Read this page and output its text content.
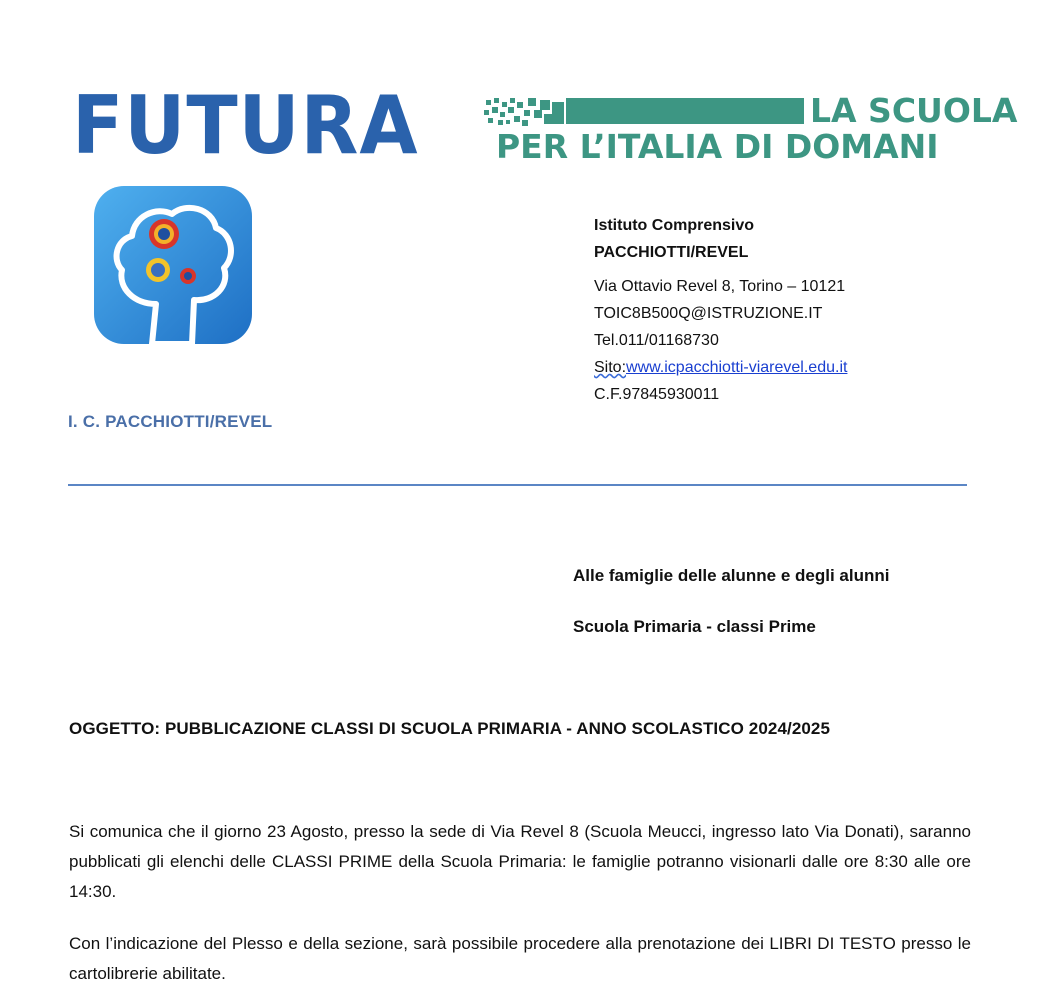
FUTURA	LA SCUOLA
PER L’ITALIA DI DOMANI
I. C. PACCHIOTTI/REVEL
Istituto Comprensivo
PACCHIOTTI/REVEL
Via Ottavio Revel 8, Torino – 10121
TOIC8B500Q@ISTRUZIONE.IT
Tel.011/01168730
Sito:www.icpacchiotti-viarevel.edu.it
C.F.97845930011
Alle famiglie delle alunne e degli alunni
Scuola Primaria - classi Prime
OGGETTO: PUBBLICAZIONE CLASSI DI SCUOLA PRIMARIA - ANNO SCOLASTICO 2024/2025
Si comunica che il giorno 23 Agosto, presso la sede di Via Revel 8 (Scuola Meucci, ingresso lato Via Donati), saranno pubblicati gli elenchi delle CLASSI PRIME della Scuola Primaria: le famiglie potranno visionarli dalle ore 8:30 alle ore 14:30.
Con l’indicazione del Plesso e della sezione, sarà possibile procedere alla prenotazione dei LIBRI DI TESTO presso le cartolibrerie abilitate.
